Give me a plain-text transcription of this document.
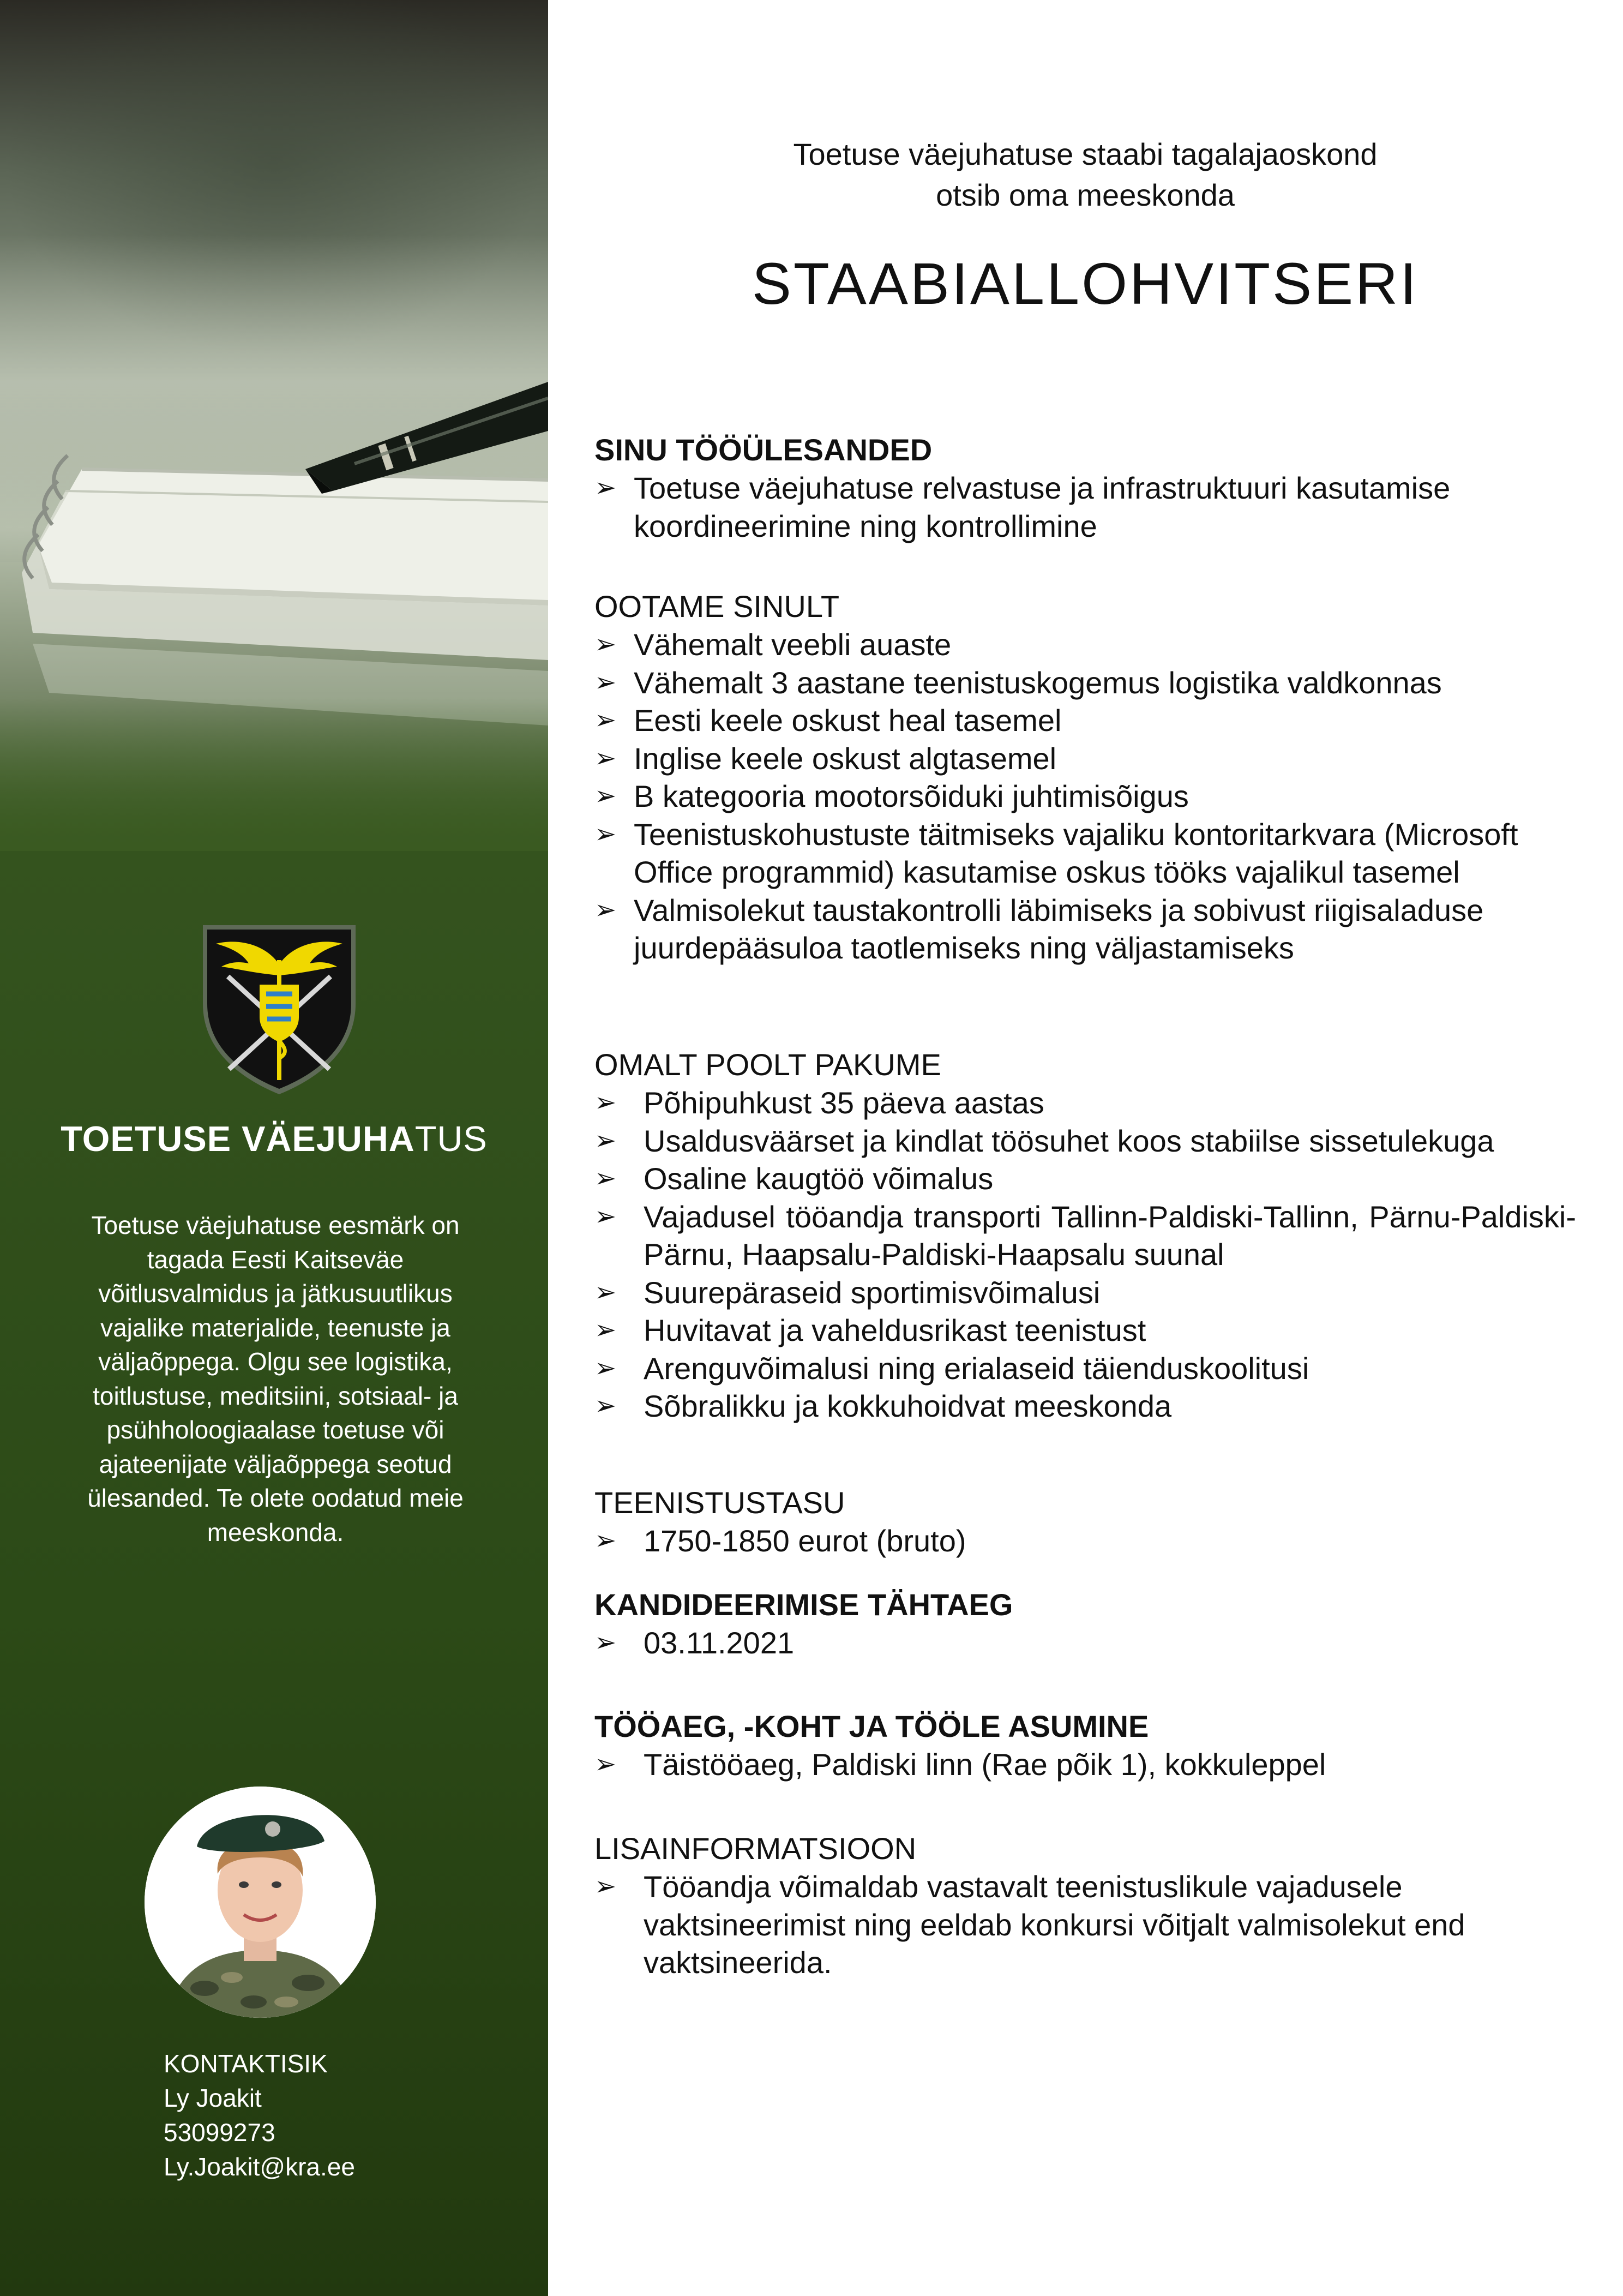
TOETUSE VÄEJUHATUS

Toetuse väejuhatuse eesmärk on tagada Eesti Kaitseväe võitlusvalmidus ja jätkusuutlikus vajalike materjalide, teenuste ja väljaõppega. Olgu see logistika, toitlustuse, meditsiini, sotsiaal- ja psühholoogiaalase toetuse või ajateenijate väljaõppega seotud ülesanded. Te olete oodatud meie meeskonda.

KONTAKTISIK
Ly Joakit
53099273
Ly.Joakit@kra.ee

Toetuse väejuhatuse staabi tagalajaoskond

otsib oma meeskonda

STAABIALLOHVITSERI
SINU TÖÖÜLESANDED
➢ Toetuse väejuhatuse relvastuse ja infrastruktuuri kasutamise koordineerimine ning kontrollimine
OOTAME SINULT
➢ Vähemalt veebli auaste
➢ Vähemalt 3 aastane teenistuskogemus logistika valdkonnas
➢ Eesti keele oskust heal tasemel
➢ Inglise keele oskust algtasemel
➢ B kategooria mootorsõiduki juhtimisõigus
➢ Teenistuskohustuste täitmiseks vajaliku kontoritarkvara (Microsoft Office programmid) kasutamise oskus tööks vajalikul tasemel
➢ Valmisolekut taustakontrolli läbimiseks ja sobivust riigisaladuse juurdepääsuloa taotlemiseks ning väljastamiseks
OMALT POOLT PAKUME
➢ Põhipuhkust 35 päeva aastas
➢ Usaldusväärset ja kindlat töösuhet koos stabiilse sissetulekuga
➢ Osaline kaugtöö võimalus
➢ Vajadusel tööandja transporti Tallinn-Paldiski-Tallinn, Pärnu-Paldiski-Pärnu, Haapsalu-Paldiski-Haapsalu suunal
➢ Suurepäraseid sportimisvõimalusi
➢ Huvitavat ja vaheldusrikast teenistust
➢ Arenguvõimalusi ning erialaseid täienduskoolitusi
➢ Sõbralikku ja kokkuhoidvat meeskonda
TEENISTUSTASU
➢ 1750-1850 eurot (bruto)
KANDIDEERIMISE TÄHTAEG
➢ 03.11.2021
TÖÖAEG, -KOHT JA TÖÖLE ASUMINE
➢ Täistööaeg, Paldiski linn (Rae põik 1), kokkuleppel
LISAINFORMATSIOON
➢ Tööandja võimaldab vastavalt teenistuslikule vajadusele vaktsineerimist ning eeldab konkursi võitjalt valmisolekut end vaktsineerida.
